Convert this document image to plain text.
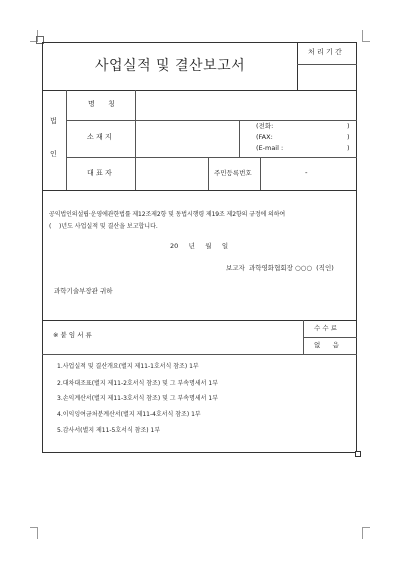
사업실적 및 결산보고서
처 리 기 간
법
인
명      칭
소 재 지
(전화:
(FAX:
(E-mail :
)
)
)
대 표 자	주민등록번호	-
공익법인의설립·운영에관한법률 제12조제2항 및 동법시행령 제19조 제2항의 규정에 의하여
(    )년도 사업실적 및 결산을 보고합니다.
20     년     월     일
보고자  과학영화협회장 ○○○  (직인)
과학기술부장관 귀하
※ 붙 임 서 류
수 수 료
없      음
1.사업실적 및 결산개요(별지 제11-1호서식 참조) 1부
2.대차대조표(별지 제11-2호서식 참조) 및 그 부속명세서 1부
3.손익계산서(별지 제11-3호서식 참조) 및 그 부속명세서 1부
4.이익잉여금처분계산서(별지 제11-4호서식 참조) 1부
5.감사서(별지 제11-5호서식 참조) 1부
